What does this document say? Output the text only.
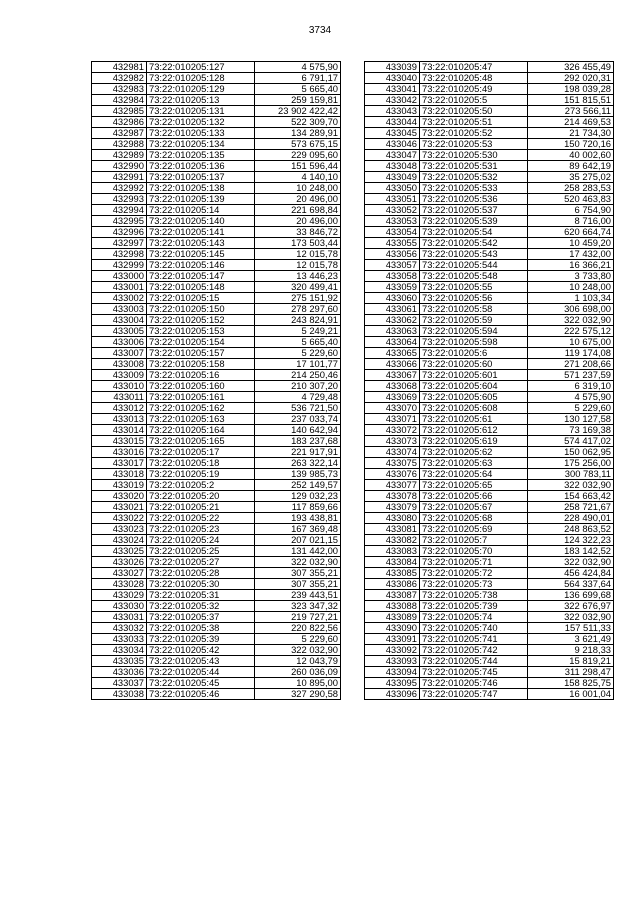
3734
432981	73:22:010205:127	4 575,90
432982	73:22:010205:128	6 791,17
432983	73:22:010205:129	5 665,40
432984	73:22:010205:13	259 159,81
432985	73:22:010205:131	23 902 422,42
432986	73:22:010205:132	522 309,70
432987	73:22:010205:133	134 289,91
432988	73:22:010205:134	573 675,15
432989	73:22:010205:135	229 095,60
432990	73:22:010205:136	151 596,44
432991	73:22:010205:137	4 140,10
432992	73:22:010205:138	10 248,00
432993	73:22:010205:139	20 496,00
432994	73:22:010205:14	221 698,84
432995	73:22:010205:140	20 496,00
432996	73:22:010205:141	33 846,72
432997	73:22:010205:143	173 503,44
432998	73:22:010205:145	12 015,78
432999	73:22:010205:146	12 015,78
433000	73:22:010205:147	13 446,23
433001	73:22:010205:148	320 499,41
433002	73:22:010205:15	275 151,92
433003	73:22:010205:150	278 297,60
433004	73:22:010205:152	243 824,91
433005	73:22:010205:153	5 249,21
433006	73:22:010205:154	5 665,40
433007	73:22:010205:157	5 229,60
433008	73:22:010205:158	17 101,77
433009	73:22:010205:16	214 250,46
433010	73:22:010205:160	210 307,20
433011	73:22:010205:161	4 729,48
433012	73:22:010205:162	536 721,50
433013	73:22:010205:163	237 033,74
433014	73:22:010205:164	140 642,94
433015	73:22:010205:165	183 237,68
433016	73:22:010205:17	221 917,91
433017	73:22:010205:18	263 322,14
433018	73:22:010205:19	139 985,73
433019	73:22:010205:2	252 149,57
433020	73:22:010205:20	129 032,23
433021	73:22:010205:21	117 859,66
433022	73:22:010205:22	193 438,81
433023	73:22:010205:23	167 369,48
433024	73:22:010205:24	207 021,15
433025	73:22:010205:25	131 442,00
433026	73:22:010205:27	322 032,90
433027	73:22:010205:28	307 355,21
433028	73:22:010205:30	307 355,21
433029	73:22:010205:31	239 443,51
433030	73:22:010205:32	323 347,32
433031	73:22:010205:37	219 727,21
433032	73:22:010205:38	220 822,56
433033	73:22:010205:39	5 229,60
433034	73:22:010205:42	322 032,90
433035	73:22:010205:43	12 043,79
433036	73:22:010205:44	260 036,09
433037	73:22:010205:45	10 895,00
433038	73:22:010205:46	327 290,58
433039	73:22:010205:47	326 455,49
433040	73:22:010205:48	292 020,31
433041	73:22:010205:49	198 039,28
433042	73:22:010205:5	151 815,51
433043	73:22:010205:50	273 566,11
433044	73:22:010205:51	214 469,53
433045	73:22:010205:52	21 734,30
433046	73:22:010205:53	150 720,16
433047	73:22:010205:530	40 002,60
433048	73:22:010205:531	89 642,19
433049	73:22:010205:532	35 275,02
433050	73:22:010205:533	258 283,53
433051	73:22:010205:536	520 463,83
433052	73:22:010205:537	6 754,90
433053	73:22:010205:539	8 716,00
433054	73:22:010205:54	620 664,74
433055	73:22:010205:542	10 459,20
433056	73:22:010205:543	17 432,00
433057	73:22:010205:544	16 366,21
433058	73:22:010205:548	3 733,80
433059	73:22:010205:55	10 248,00
433060	73:22:010205:56	1 103,34
433061	73:22:010205:58	306 698,00
433062	73:22:010205:59	322 032,90
433063	73:22:010205:594	222 575,12
433064	73:22:010205:598	10 675,00
433065	73:22:010205:6	119 174,08
433066	73:22:010205:60	271 208,66
433067	73:22:010205:601	571 237,59
433068	73:22:010205:604	6 319,10
433069	73:22:010205:605	4 575,90
433070	73:22:010205:608	5 229,60
433071	73:22:010205:61	130 127,58
433072	73:22:010205:612	73 169,38
433073	73:22:010205:619	574 417,02
433074	73:22:010205:62	150 062,95
433075	73:22:010205:63	175 256,00
433076	73:22:010205:64	300 783,11
433077	73:22:010205:65	322 032,90
433078	73:22:010205:66	154 663,42
433079	73:22:010205:67	258 721,67
433080	73:22:010205:68	228 490,01
433081	73:22:010205:69	248 863,52
433082	73:22:010205:7	124 322,23
433083	73:22:010205:70	183 142,52
433084	73:22:010205:71	322 032,90
433085	73:22:010205:72	456 424,84
433086	73:22:010205:73	564 337,64
433087	73:22:010205:738	136 699,68
433088	73:22:010205:739	322 676,97
433089	73:22:010205:74	322 032,90
433090	73:22:010205:740	157 511,33
433091	73:22:010205:741	3 621,49
433092	73:22:010205:742	9 218,33
433093	73:22:010205:744	15 819,21
433094	73:22:010205:745	311 298,47
433095	73:22:010205:746	158 825,75
433096	73:22:010205:747	16 001,04
